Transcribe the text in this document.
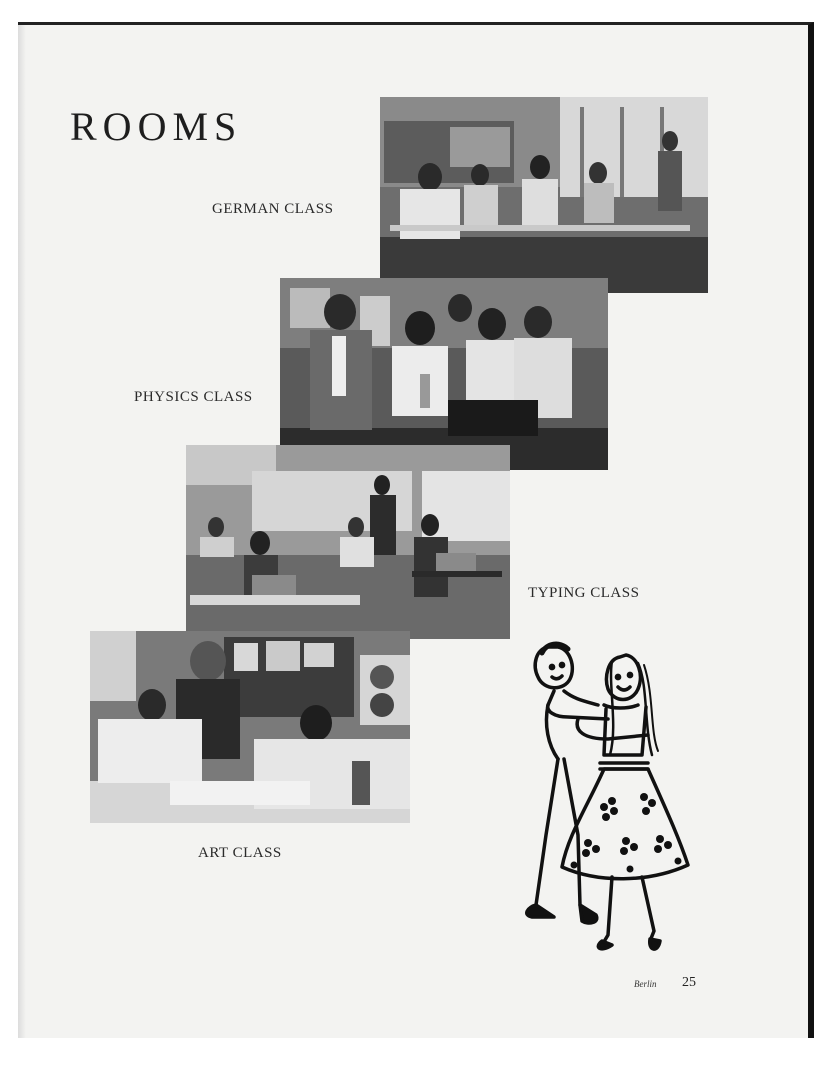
ROOMS
GERMAN CLASS
PHYSICS CLASS
TYPING CLASS
ART CLASS
Berlin 25
